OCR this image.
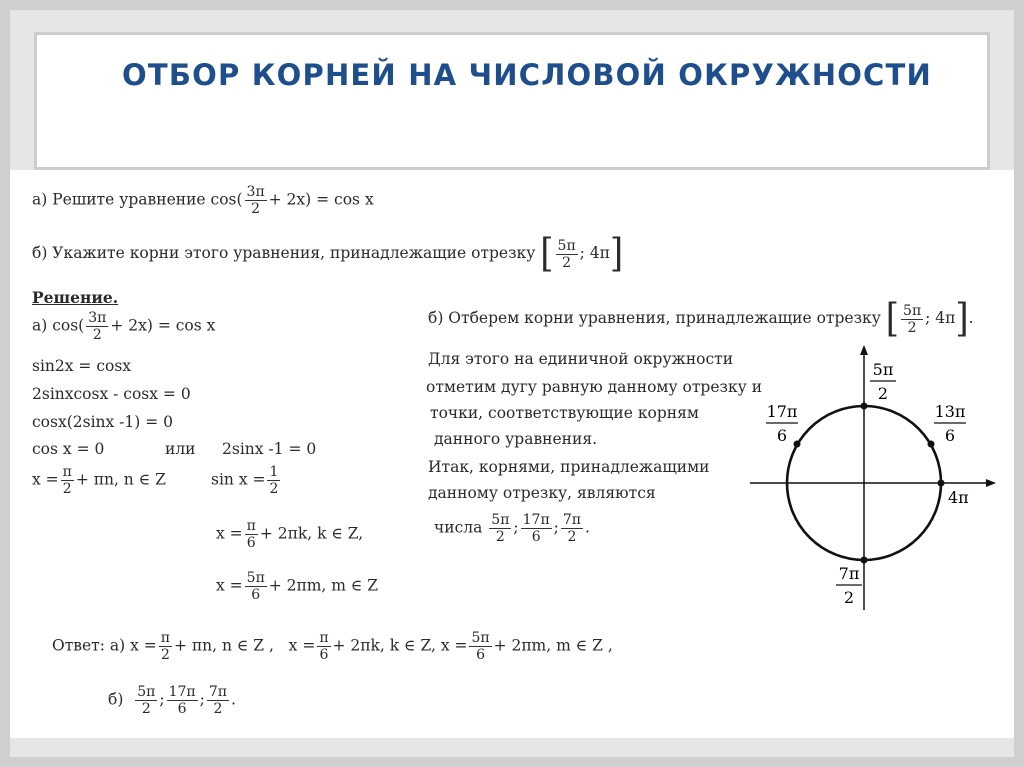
ОТБОР КОРНЕЙ НА ЧИСЛОВОЙ ОКРУЖНОСТИ
а) Решите уравнение $\cos( \frac{3\pi}{2} + 2x) = \cos x$
б) Укажите корни этого уравнения, принадлежащие отрезку [ $\frac{5\pi}{2}$ ; 4π]
Решение.
а) $\cos( \frac{3\pi}{2} + 2x) = \cos x$
sin2x = cosx
2sinxcosx - cosx = 0
cosx(2sinx -1) = 0
cos x = 0	или 2sinx -1 = 0
$x = \frac{\pi}{2} + \pi n$, n ∈ Z	$\sin x = \frac{1}{2}$
$x = \frac{\pi}{6} + 2\pi k$, k ∈ Z,
$x = \frac{5\pi}{6} + 2\pi m$, m ∈ Z
б) Отберем корни уравнения, принадлежащие отрезку [ $\frac{5\pi}{2}$ ; 4π].
Для этого на единичной окружности
отметим дугу равную данному отрезку и
точки, соответствующие корням
данного уравнения.
Итак, корнями, принадлежащими
данному отрезку, являются
числа $\frac{5\pi}{2}$ ; $\frac{17\pi}{6}$ ; $\frac{7\pi}{2}$ .
5π
2
17π
6
13π
6
4π
7π
2
Ответ: а) $x = \frac{\pi}{2} + \pi n$, n ∈ Z , $x = \frac{\pi}{6} + 2\pi k$, k ∈ Z, $x = \frac{5\pi}{6} + 2\pi m$, m ∈ Z ,
$б) \frac{5\pi}{2}$ ; $\frac{17\pi}{6}$ ; $\frac{7\pi}{2}$ .
